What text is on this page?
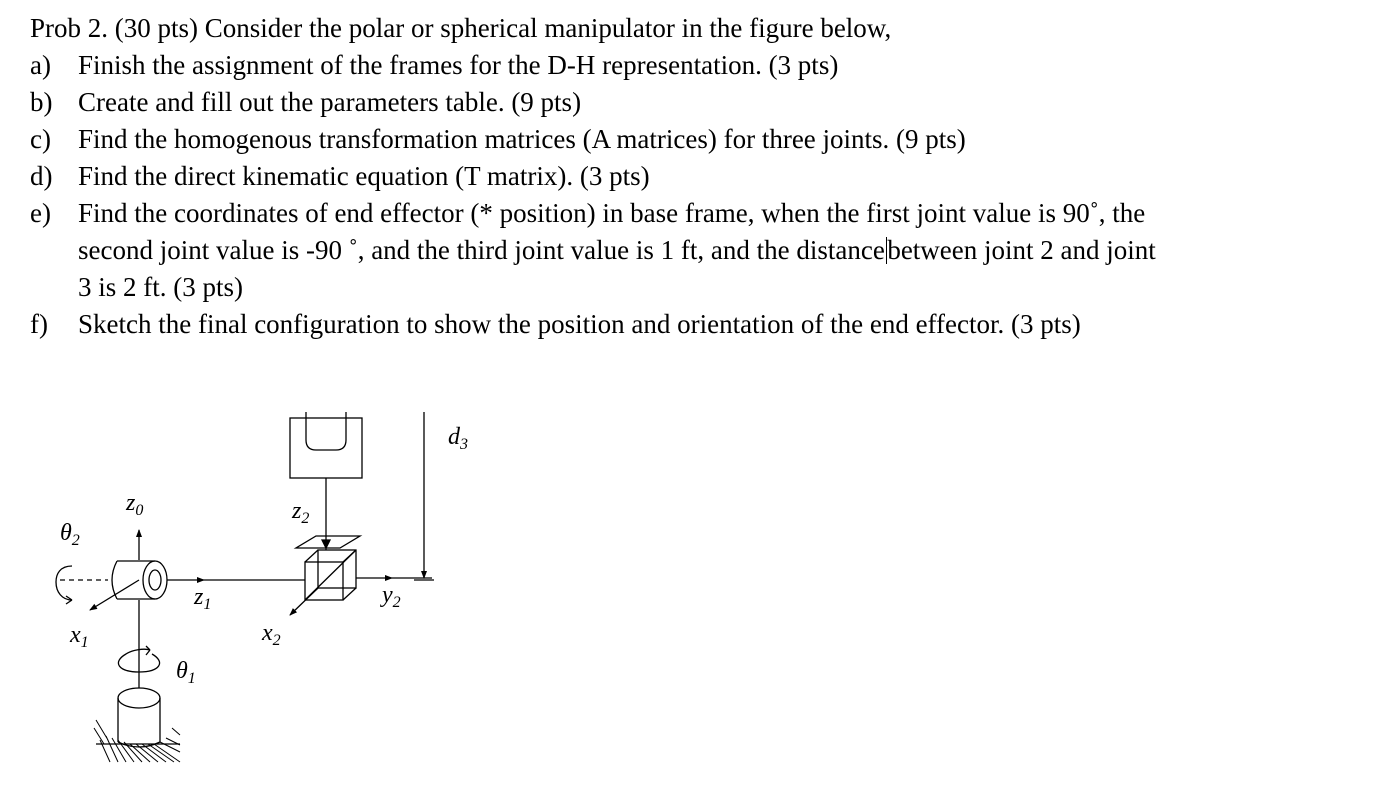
Prob 2. (30 pts) Consider the polar or spherical manipulator in the figure below,
a) Finish the assignment of the frames for the D-H representation. (3 pts)
b) Create and fill out the parameters table. (9 pts)
c) Find the homogenous transformation matrices (A matrices) for three joints. (9 pts)
d) Find the direct kinematic equation (T matrix). (3 pts)
e) Find the coordinates of end effector (* position) in base frame, when the first joint value is 90˚, the
second joint value is -90 ˚, and the third joint value is 1 ft, and the distancebetween joint 2 and joint
3 is 2 ft. (3 pts)
f) Sketch the final configuration to show the position and orientation of the end effector. (3 pts)
$d_3$
$z_0$	$z_2$
$z_1$
$x_1$	$x_2$
$y_2$
$\theta_2$
$\theta_1$
